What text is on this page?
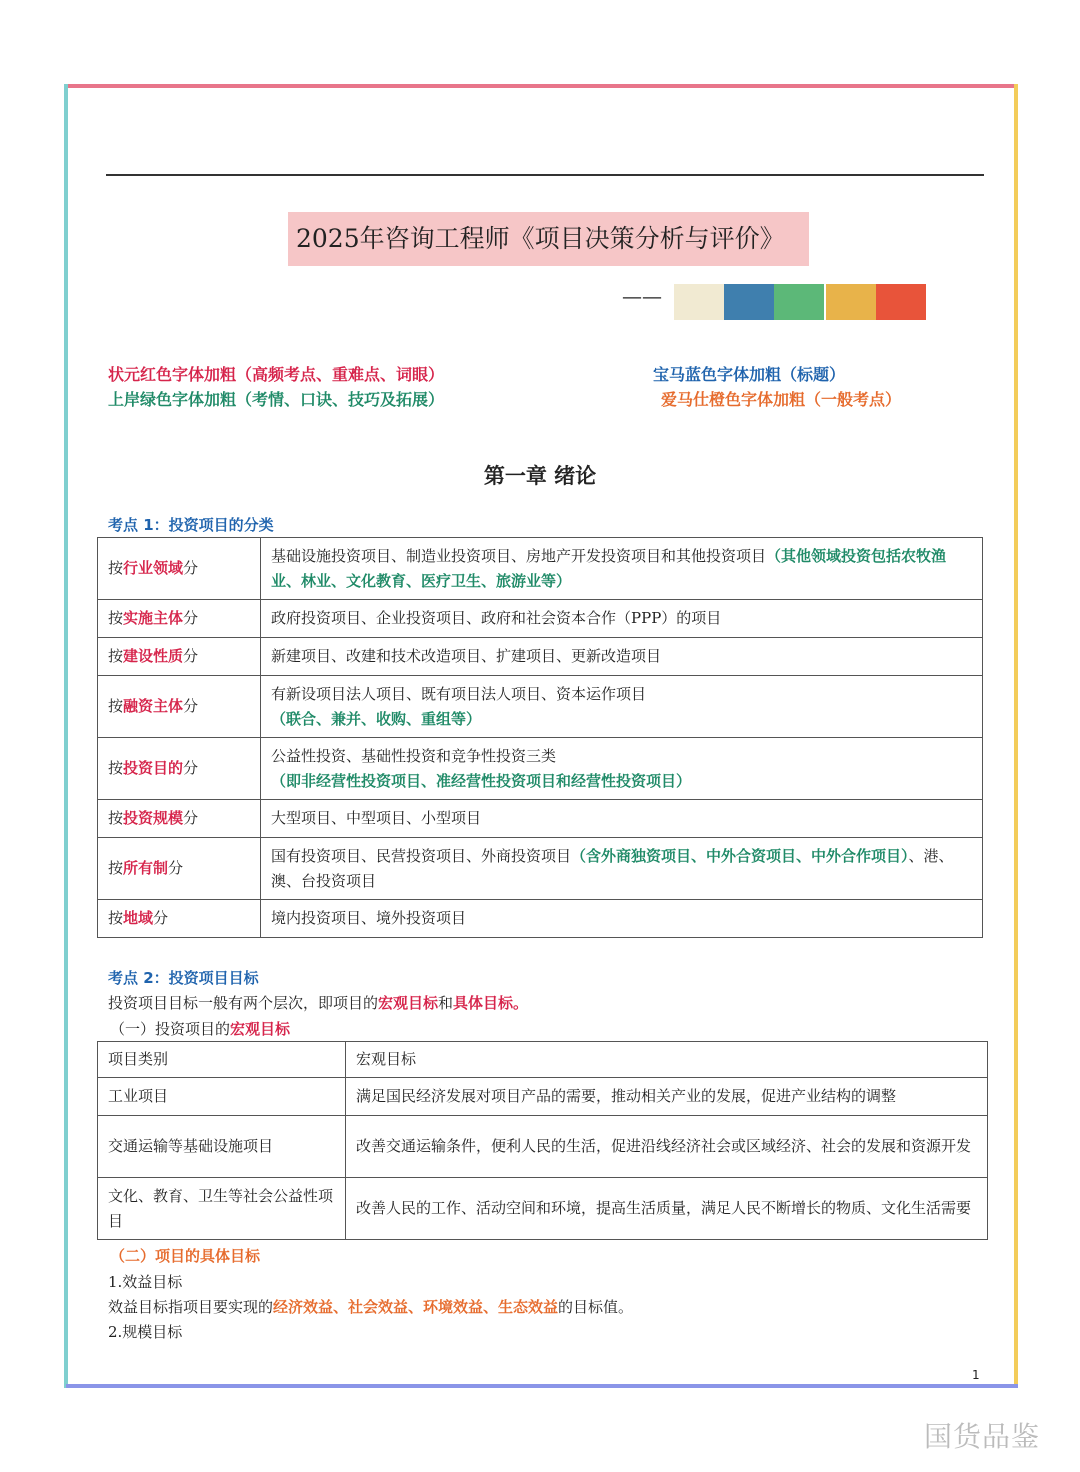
2025年咨询工程师《项目决策分析与评价》
——
状元红色字体加粗（高频考点、重难点、词眼）
上岸绿色字体加粗（考情、口诀、技巧及拓展）
宝马蓝色字体加粗（标题）
爱马仕橙色字体加粗（一般考点）
第一章 绪论
考点 1：投资项目的分类
按行业领域分	基础设施投资项目、制造业投资项目、房地产开发投资项目和其他投资项目（其他领域投资包括农牧渔业、林业、文化教育、医疗卫生、旅游业等）
按实施主体分	政府投资项目、企业投资项目、政府和社会资本合作（PPP）的项目
按建设性质分	新建项目、改建和技术改造项目、扩建项目、更新改造项目
按融资主体分	有新设项目法人项目、既有项目法人项目、资本运作项目
（联合、兼并、收购、重组等）
按投资目的分	公益性投资、基础性投资和竞争性投资三类
（即非经营性投资项目、准经营性投资项目和经营性投资项目）
按投资规模分	大型项目、中型项目、小型项目
按所有制分	国有投资项目、民营投资项目、外商投资项目（含外商独资项目、中外合资项目、中外合作项目）、港、澳、台投资项目
按地域分	境内投资项目、境外投资项目
考点 2：投资项目目标
投资项目目标一般有两个层次，即项目的宏观目标和具体目标。
（一）投资项目的宏观目标
项目类别	宏观目标
工业项目	满足国民经济发展对项目产品的需要，推动相关产业的发展，促进产业结构的调整
交通运输等基础设施项目	改善交通运输条件，便利人民的生活，促进沿线经济社会或区域经济、社会的发展和资源开发
文化、教育、卫生等社会公益性项目	改善人民的工作、活动空间和环境，提高生活质量，满足人民不断增长的物质、文化生活需要
（二）项目的具体目标
1.效益目标
效益目标指项目要实现的经济效益、社会效益、环境效益、生态效益的目标值。
2.规模目标
1
国货品鉴
